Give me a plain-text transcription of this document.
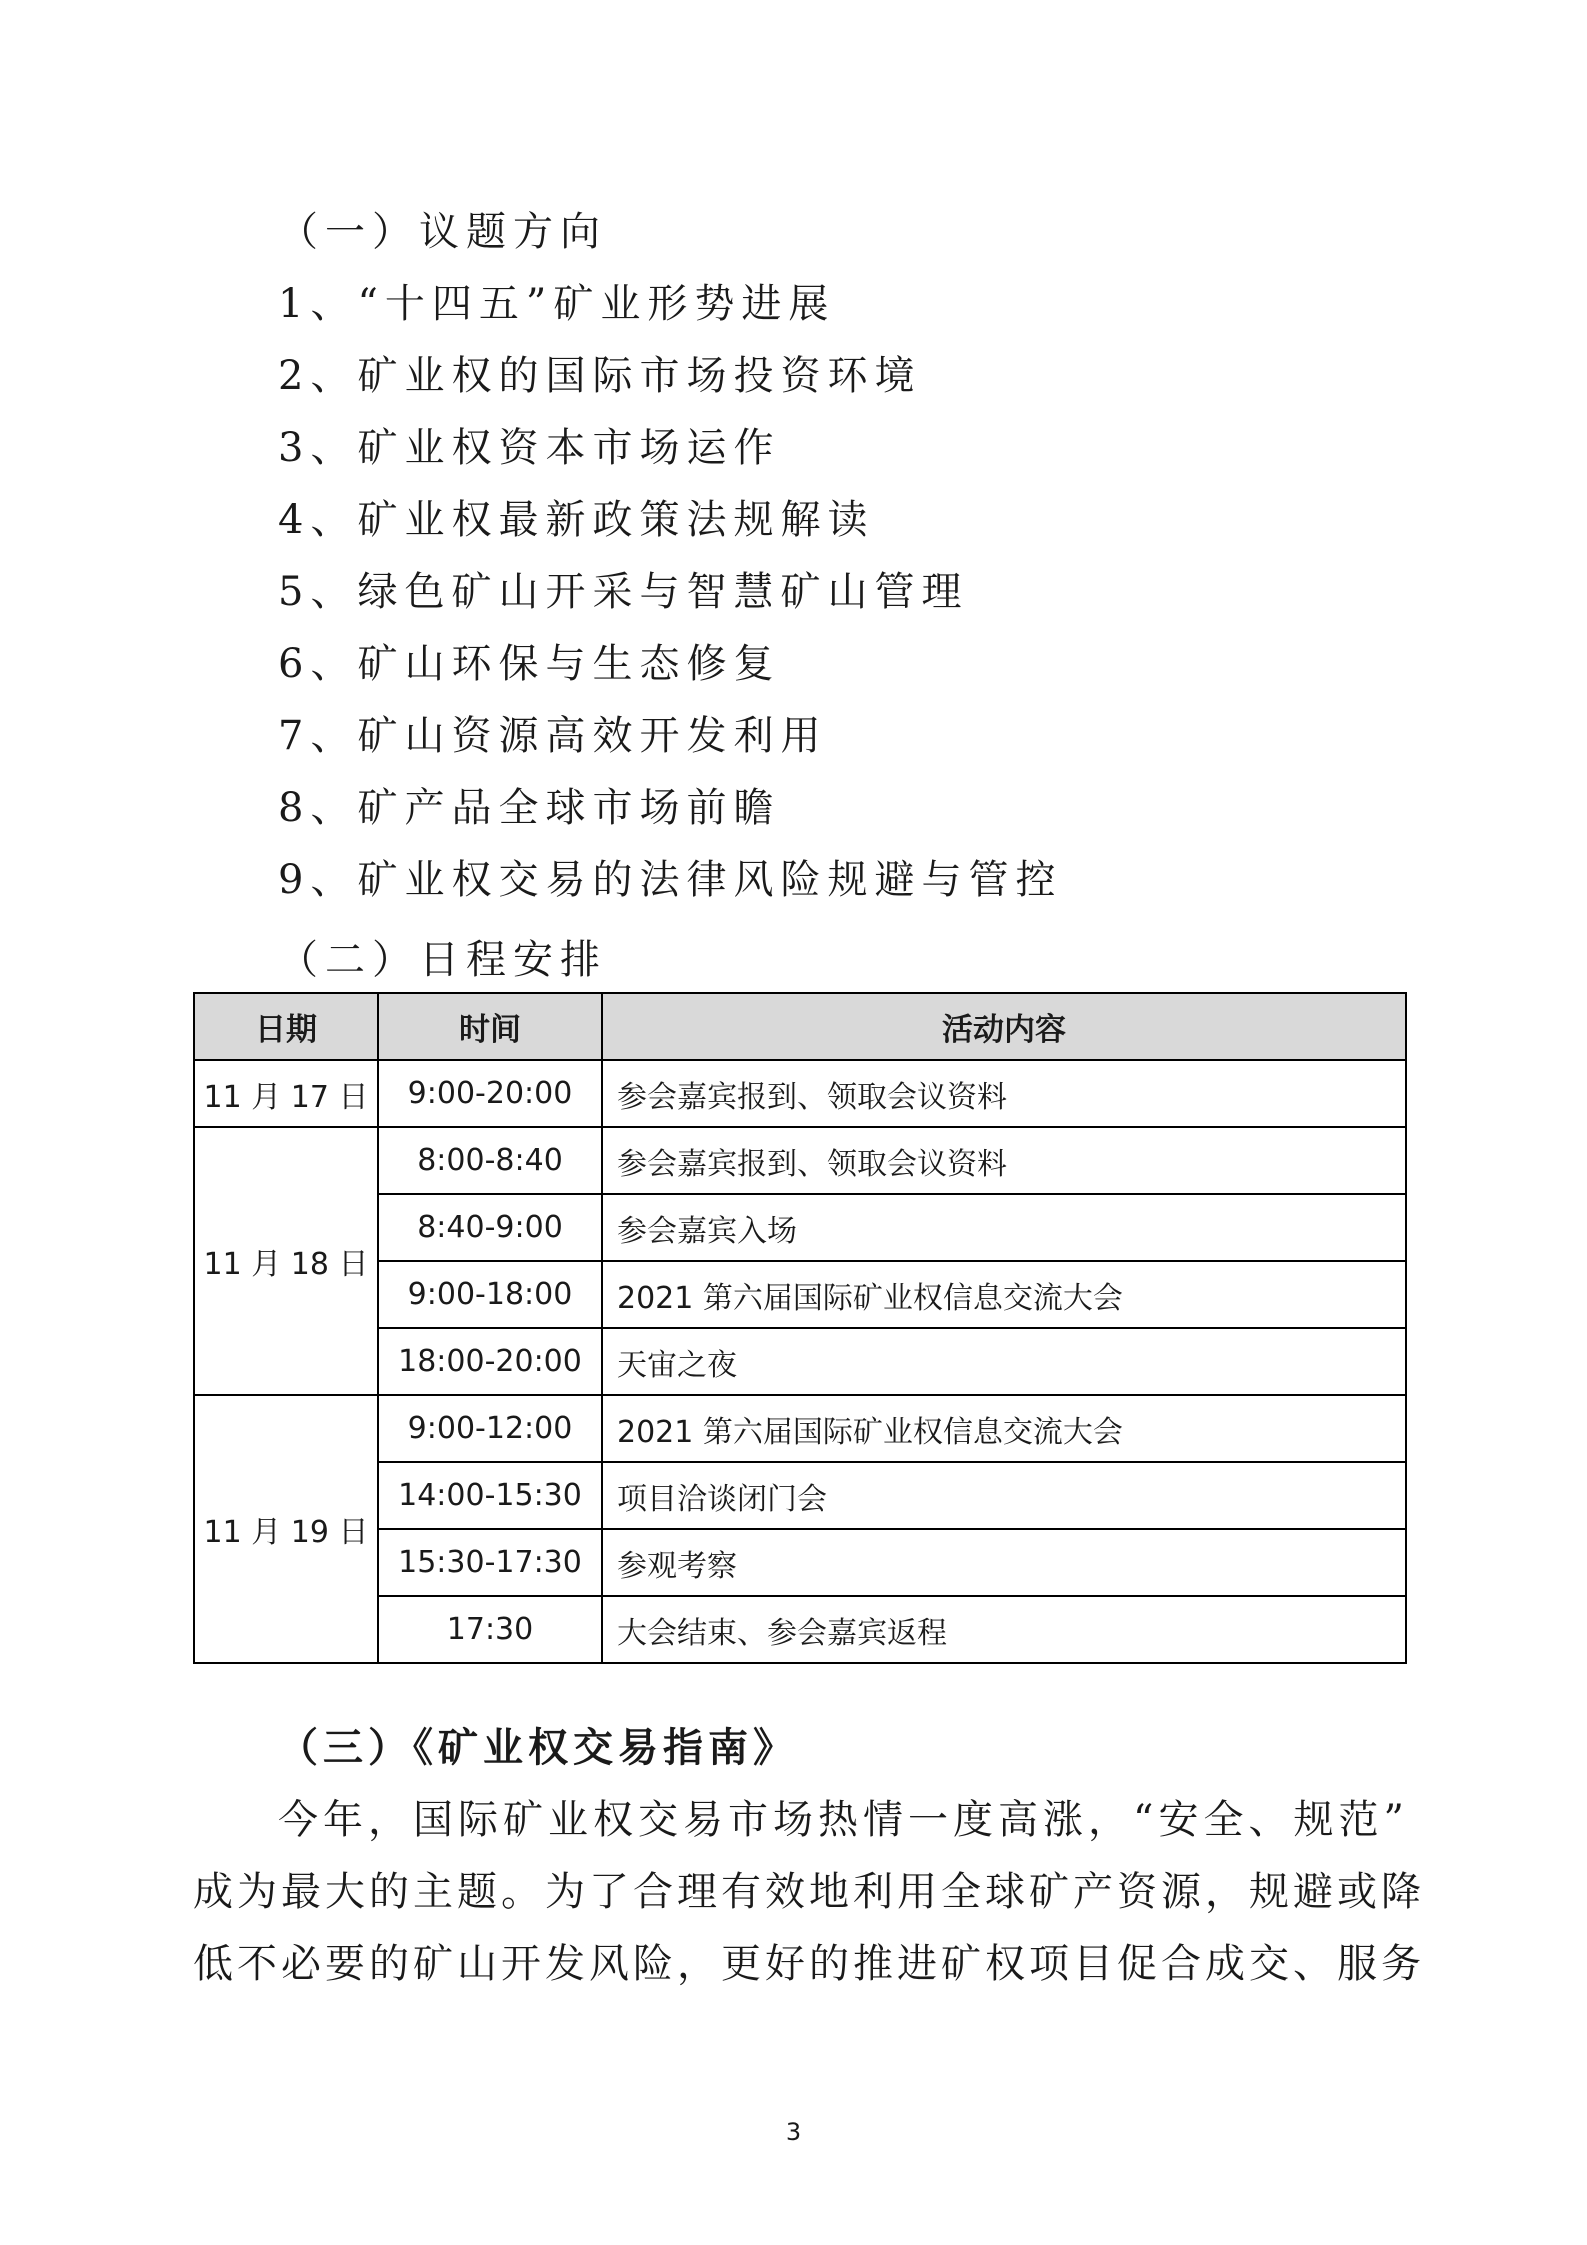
（一）议题方向
1、“十四五”矿业形势进展
2、矿业权的国际市场投资环境
3、矿业权资本市场运作
4、矿业权最新政策法规解读
5、绿色矿山开采与智慧矿山管理
6、矿山环保与生态修复
7、矿山资源高效开发利用
8、矿产品全球市场前瞻
9、矿业权交易的法律风险规避与管控
（二）日程安排
日期	时间	活动内容
11 月 17 日	9:00-20:00	参会嘉宾报到、领取会议资料
11 月 18 日	8:00-8:40	参会嘉宾报到、领取会议资料
	8:40-9:00	参会嘉宾入场
	9:00-18:00	2021 第六届国际矿业权信息交流大会
	18:00-20:00	天宙之夜
11 月 19 日	9:00-12:00	2021 第六届国际矿业权信息交流大会
	14:00-15:30	项目洽谈闭门会
	15:30-17:30	参观考察
	17:30	大会结束、参会嘉宾返程
（三）《矿业权交易指南》
今年，国际矿业权交易市场热情一度高涨，“安全、规范”
成为最大的主题。为了合理有效地利用全球矿产资源，规避或降
低不必要的矿山开发风险，更好的推进矿权项目促合成交、服务
3
